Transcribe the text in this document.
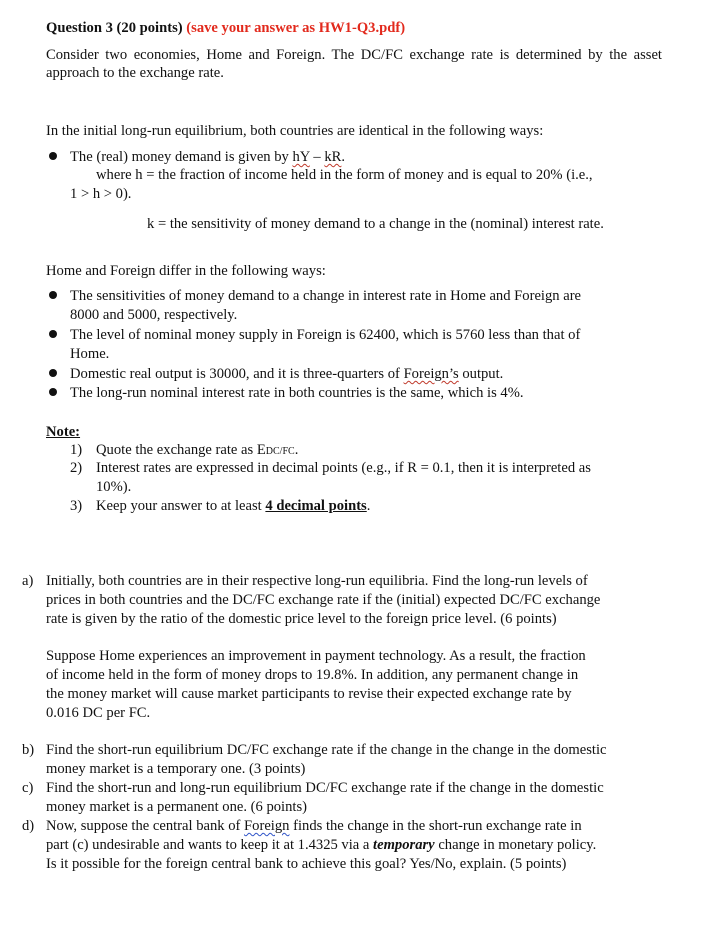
Question 3 (20 points) (save your answer as HW1-Q3.pdf)
Consider two economies, Home and Foreign. The DC/FC exchange rate is determined by the asset approach to the exchange rate.
In the initial long-run equilibrium, both countries are identical in the following ways:
The (real) money demand is given by hY – kR.
where h = the fraction of income held in the form of money and is equal to 20% (i.e.,
1 > h > 0).
k = the sensitivity of money demand to a change in the (nominal) interest rate.
Home and Foreign differ in the following ways:
The sensitivities of money demand to a change in interest rate in Home and Foreign are
8000 and 5000, respectively.
The level of nominal money supply in Foreign is 62400, which is 5760 less than that of
Home.
Domestic real output is 30000, and it is three-quarters of Foreign’s output.
The long-run nominal interest rate in both countries is the same, which is 4%.
Note:
1) Quote the exchange rate as EDC/FC.
2) Interest rates are expressed in decimal points (e.g., if R = 0.1, then it is interpreted as
10%).
3) Keep your answer to at least 4 decimal points.
a) Initially, both countries are in their respective long-run equilibria. Find the long-run levels of
prices in both countries and the DC/FC exchange rate if the (initial) expected DC/FC exchange
rate is given by the ratio of the domestic price level to the foreign price level. (6 points)
Suppose Home experiences an improvement in payment technology. As a result, the fraction
of income held in the form of money drops to 19.8%. In addition, any permanent change in
the money market will cause market participants to revise their expected exchange rate by
0.016 DC per FC.
b) Find the short-run equilibrium DC/FC exchange rate if the change in the change in the domestic
money market is a temporary one. (3 points)
c) Find the short-run and long-run equilibrium DC/FC exchange rate if the change in the domestic
money market is a permanent one. (6 points)
d) Now, suppose the central bank of Foreign finds the change in the short-run exchange rate in
part (c) undesirable and wants to keep it at 1.4325 via a temporary change in monetary policy.
Is it possible for the foreign central bank to achieve this goal? Yes/No, explain. (5 points)
